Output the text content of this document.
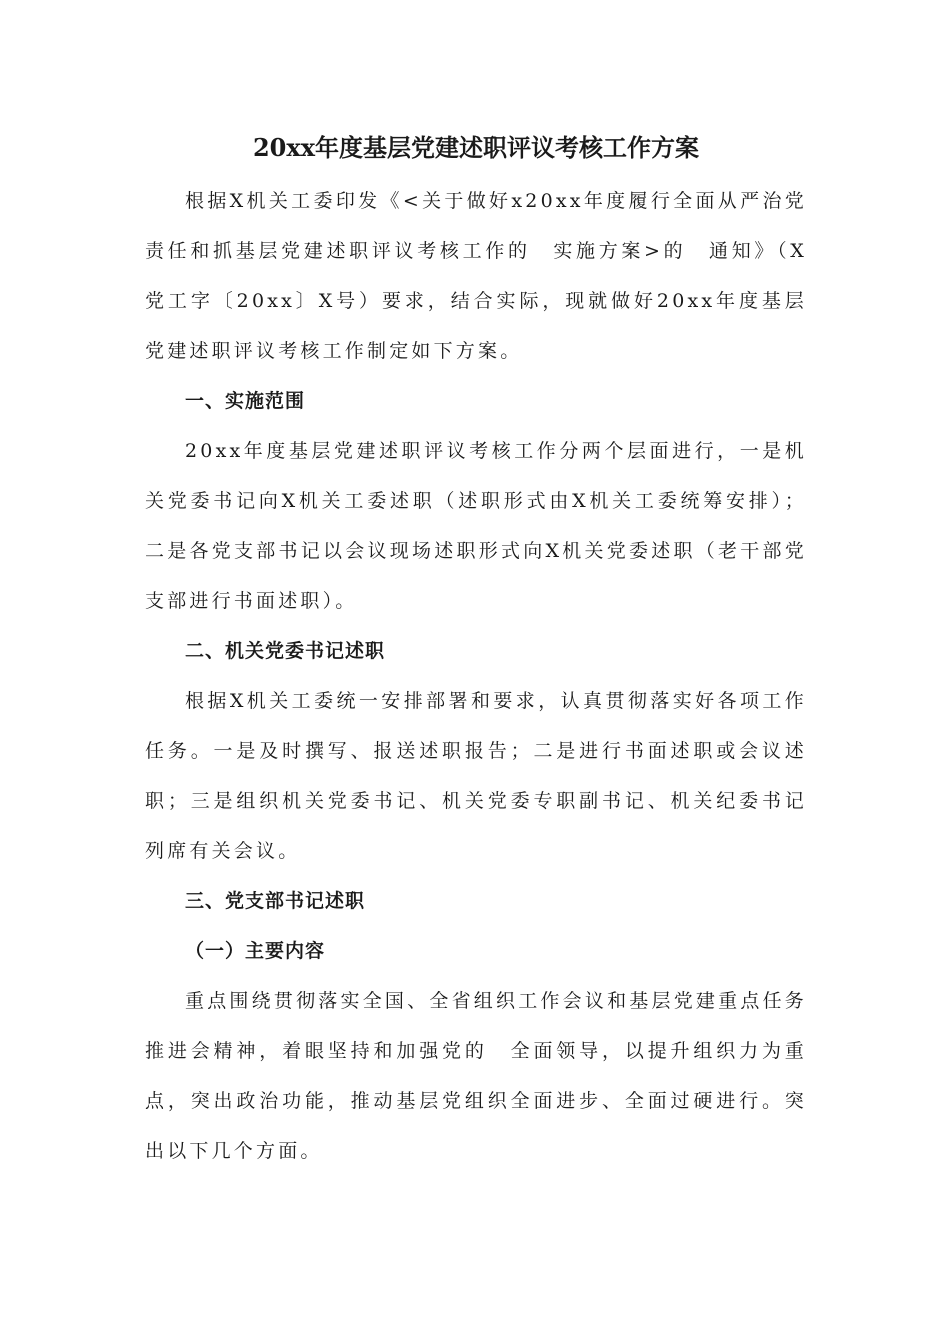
20xx年度基层党建述职评议考核工作方案

根据X机关工委印发《<关于做好x20xx年度履行全面从严治党责任和抓基层党建述职评议考核工作的　实施方案>的　通知》（X党工字〔20xx〕X号）要求，结合实际，现就做好20xx年度基层党建述职评议考核工作制定如下方案。

一、实施范围

20xx年度基层党建述职评议考核工作分两个层面进行，一是机关党委书记向X机关工委述职（述职形式由X机关工委统筹安排）；二是各党支部书记以会议现场述职形式向X机关党委述职（老干部党支部进行书面述职）。

二、机关党委书记述职

根据X机关工委统一安排部署和要求，认真贯彻落实好各项工作任务。一是及时撰写、报送述职报告；二是进行书面述职或会议述职；三是组织机关党委书记、机关党委专职副书记、机关纪委书记列席有关会议。

三、党支部书记述职
（一）主要内容

重点围绕贯彻落实全国、全省组织工作会议和基层党建重点任务推进会精神，着眼坚持和加强党的　全面领导，以提升组织力为重点，突出政治功能，推动基层党组织全面进步、全面过硬进行。突出以下几个方面。
